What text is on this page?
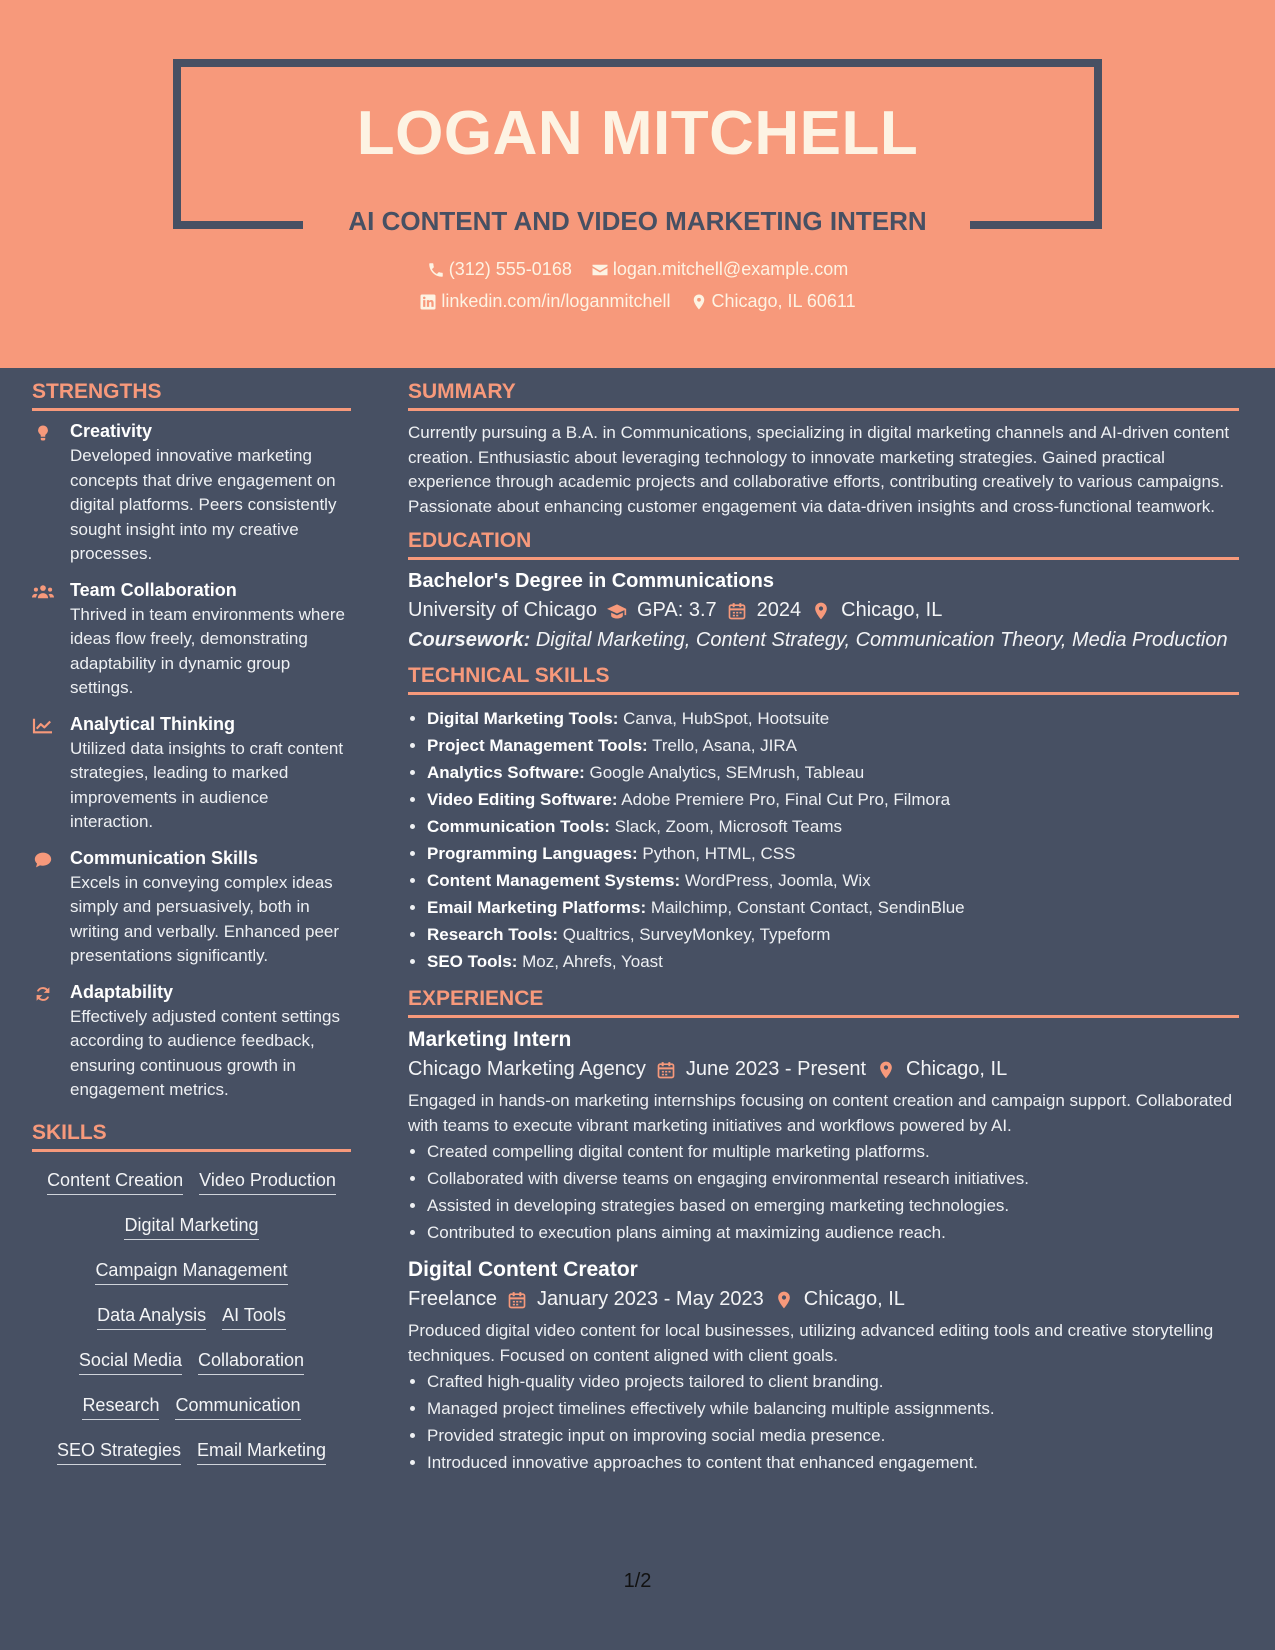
LOGAN MITCHELL
AI CONTENT AND VIDEO MARKETING INTERN
(312) 555-0168
logan.mitchell@example.com
linkedin.com/in/loganmitchell
Chicago, IL 60611
STRENGTHS
Creativity

Developed innovative marketing concepts that drive engagement on digital platforms. Peers consistently sought insight into my creative processes.

Team Collaboration

Thrived in team environments where ideas flow freely, demonstrating adaptability in dynamic group settings.

Analytical Thinking

Utilized data insights to craft content strategies, leading to marked improvements in audience interaction.

Communication Skills

Excels in conveying complex ideas simply and persuasively, both in writing and verbally. Enhanced peer presentations significantly.

Adaptability

Effectively adjusted content settings according to audience feedback, ensuring continuous growth in engagement metrics.

SKILLS
Content Creation Video Production
Digital Marketing
Campaign Management
Data Analysis AI Tools
Social Media Collaboration
Research Communication
SEO Strategies Email Marketing
SUMMARY

Currently pursuing a B.A. in Communications, specializing in digital marketing channels and AI-driven content creation. Enthusiastic about leveraging technology to innovate marketing strategies. Gained practical experience through academic projects and collaborative efforts, contributing creatively to various campaigns. Passionate about enhancing customer engagement via data-driven insights and cross-functional teamwork.

EDUCATION
Bachelor's Degree in Communications
University of Chicago GPA: 3.7 2024 Chicago, IL
Coursework: Digital Marketing, Content Strategy, Communication Theory, Media Production
TECHNICAL SKILLS
• Digital Marketing Tools: Canva, HubSpot, Hootsuite
• Project Management Tools: Trello, Asana, JIRA
• Analytics Software: Google Analytics, SEMrush, Tableau
• Video Editing Software: Adobe Premiere Pro, Final Cut Pro, Filmora
• Communication Tools: Slack, Zoom, Microsoft Teams
• Programming Languages: Python, HTML, CSS
• Content Management Systems: WordPress, Joomla, Wix
• Email Marketing Platforms: Mailchimp, Constant Contact, SendinBlue
• Research Tools: Qualtrics, SurveyMonkey, Typeform
• SEO Tools: Moz, Ahrefs, Yoast
EXPERIENCE
Marketing Intern
Chicago Marketing Agency June 2023 - Present Chicago, IL

Engaged in hands-on marketing internships focusing on content creation and campaign support. Collaborated with teams to execute vibrant marketing initiatives and workflows powered by AI.

• Created compelling digital content for multiple marketing platforms.
• Collaborated with diverse teams on engaging environmental research initiatives.
• Assisted in developing strategies based on emerging marketing technologies.
• Contributed to execution plans aiming at maximizing audience reach.
Digital Content Creator
Freelance January 2023 - May 2023 Chicago, IL

Produced digital video content for local businesses, utilizing advanced editing tools and creative storytelling techniques. Focused on content aligned with client goals.

• Crafted high-quality video projects tailored to client branding.
• Managed project timelines effectively while balancing multiple assignments.
• Provided strategic input on improving social media presence.
• Introduced innovative approaches to content that enhanced engagement.
1/2
